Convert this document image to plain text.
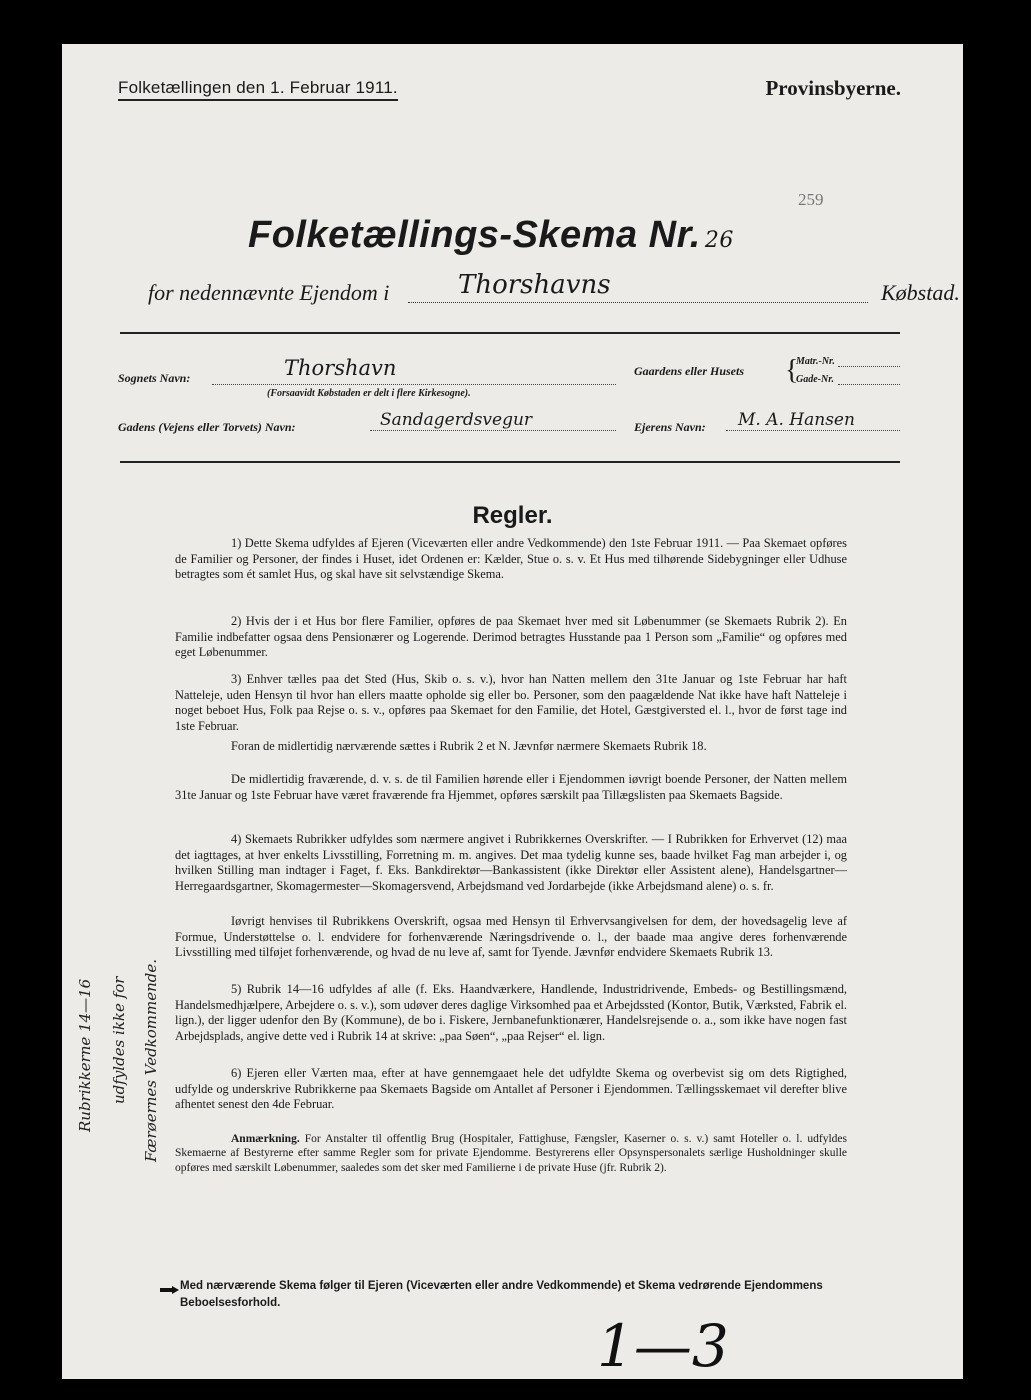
Folketællingen den 1. Februar 1911.	Provinsbyerne.
259
Folketællings-Skema Nr. 26
for nedennævnte Ejendom i	Thorshavns	Købstad.
Sognets Navn:	Thorshavn
(Forsaavidt Købstaden er delt i flere Kirkesogne).
Gaardens eller Husets {
Matr.-Nr.
Gade-Nr.
Gadens (Vejens eller Torvets) Navn:	Sandagerdsvegur	Ejerens Navn: M. A. Hansen
Regler.
1) Dette Skema udfyldes af Ejeren (Viceværten eller andre Vedkommende) den 1ste Februar 1911. — Paa Skemaet opføres de Familier og Personer, der findes i Huset, idet Ordenen er: Kælder, Stue o. s. v. Et Hus med tilhørende Sidebygninger eller Udhuse betragtes som ét samlet Hus, og skal have sit selvstændige Skema.
2) Hvis der i et Hus bor flere Familier, opføres de paa Skemaet hver med sit Løbenummer (se Skemaets Rubrik 2). En Familie indbefatter ogsaa dens Pensionærer og Logerende. Derimod betragtes Husstande paa 1 Person som „Familie“ og opføres med eget Løbenummer.
3) Enhver tælles paa det Sted (Hus, Skib o. s. v.), hvor han Natten mellem den 31te Januar og 1ste Februar har haft Natteleje, uden Hensyn til hvor han ellers maatte opholde sig eller bo. Personer, som den paagældende Nat ikke have haft Natteleje i noget beboet Hus, Folk paa Rejse o. s. v., opføres paa Skemaet for den Familie, det Hotel, Gæstgiversted el. l., hvor de først tage ind 1ste Februar.
Foran de midlertidig nærværende sættes i Rubrik 2 et N. Jævnfør nærmere Skemaets Rubrik 18.
De midlertidig fraværende, d. v. s. de til Familien hørende eller i Ejendommen iøvrigt boende Personer, der Natten mellem 31te Januar og 1ste Februar have været fraværende fra Hjemmet, opføres særskilt paa Tillægslisten paa Skemaets Bagside.
4) Skemaets Rubrikker udfyldes som nærmere angivet i Rubrikkernes Overskrifter. — I Rubrikken for Erhvervet (12) maa det iagttages, at hver enkelts Livsstilling, Forretning m. m. angives. Det maa tydelig kunne ses, baade hvilket Fag man arbejder i, og hvilken Stilling man indtager i Faget, f. Eks. Bankdirektør—Bankassistent (ikke Direktør eller Assistent alene), Handelsgartner—Herregaardsgartner, Skomagermester—Skomagersvend, Arbejdsmand ved Jordarbejde (ikke Arbejdsmand alene) o. s. fr.
Iøvrigt henvises til Rubrikkens Overskrift, ogsaa med Hensyn til Erhvervsangivelsen for dem, der hovedsagelig leve af Formue, Understøttelse o. l. endvidere for forhenværende Næringsdrivende o. l., der baade maa angive deres forhenværende Livsstilling med tilføjet forhenværende, og hvad de nu leve af, samt for Tyende. Jævnfør endvidere Skemaets Rubrik 13.
5) Rubrik 14—16 udfyldes af alle (f. Eks. Haandværkere, Handlende, Industridrivende, Embeds- og Bestillingsmænd, Handelsmedhjælpere, Arbejdere o. s. v.), som udøver deres daglige Virksomhed paa et Arbejdssted (Kontor, Butik, Værksted, Fabrik el. lign.), der ligger udenfor den By (Kommune), de bo i. Fiskere, Jernbanefunktionærer, Handelsrejsende o. a., som ikke have nogen fast Arbejdsplads, angive dette ved i Rubrik 14 at skrive: „paa Søen“, „paa Rejser“ el. lign.
6) Ejeren eller Værten maa, efter at have gennemgaaet hele det udfyldte Skema og overbevist sig om dets Rigtighed, udfylde og underskrive Rubrikkerne paa Skemaets Bagside om Antallet af Personer i Ejendommen. Tællingsskemaet vil derefter blive afhentet senest den 4de Februar.
Anmærkning. For Anstalter til offentlig Brug (Hospitaler, Fattighuse, Fængsler, Kaserner o. s. v.) samt Hoteller o. l. udfyldes Skemaerne af Bestyrerne efter samme Regler som for private Ejendomme. Bestyrerens eller Opsynspersonalets særlige Husholdninger skulle opføres med særskilt Løbenummer, saaledes som det sker med Familierne i de private Huse (jfr. Rubrik 2).
Rubrikkerne 14—16 udfyldes ikke for Færøernes Vedkommende.
Med nærværende Skema følger til Ejeren (Viceværten eller andre Vedkommende) et Skema vedrørende Ejendommens Beboelsesforhold.
1—3
